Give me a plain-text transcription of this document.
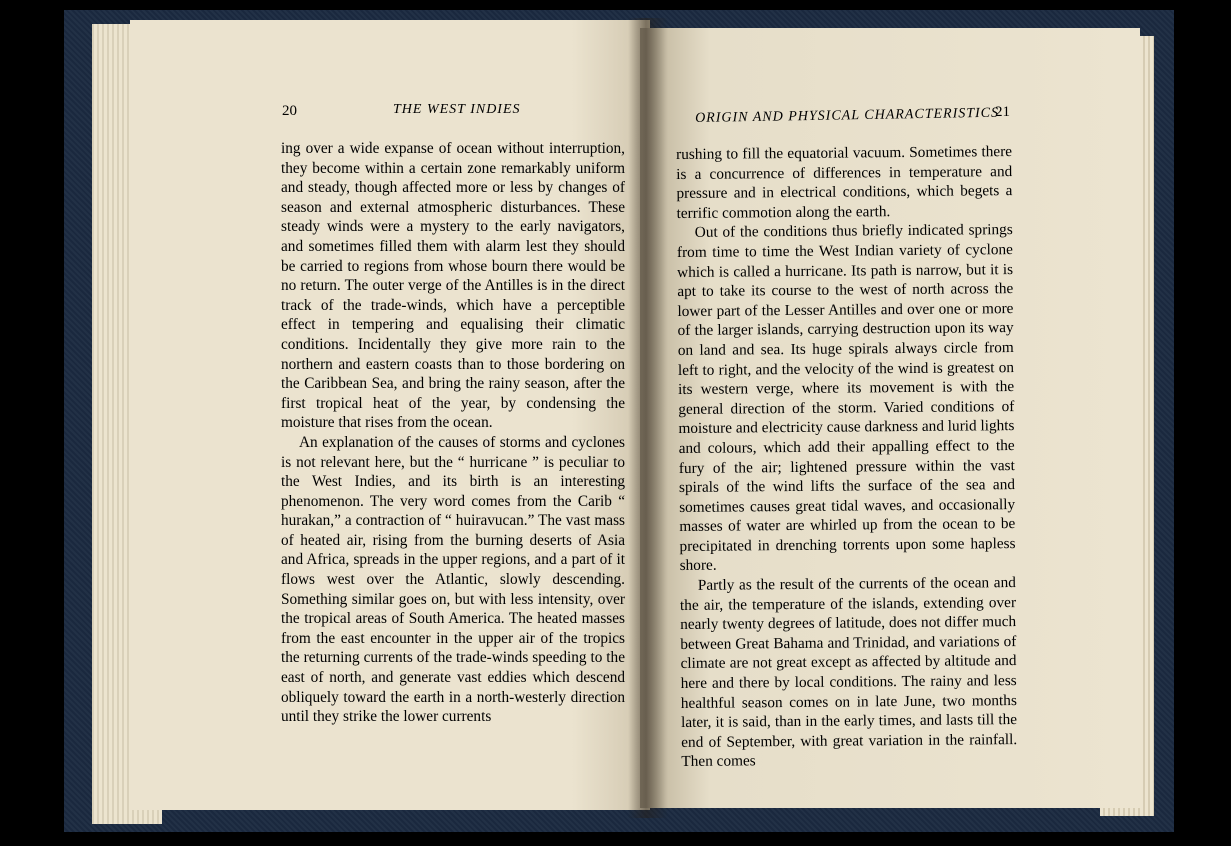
20	THE WEST INDIES

ing over a wide expanse of ocean without interruption, they become within a certain zone remarkably uniform and steady, though affected more or less by changes of season and external atmospheric disturbances. These steady winds were a mystery to the early navigators, and sometimes filled them with alarm lest they should be carried to regions from whose bourn there would be no return. The outer verge of the Antilles is in the direct track of the trade-winds, which have a perceptible effect in tempering and equalising their climatic conditions. Incidentally they give more rain to the northern and eastern coasts than to those bordering on the Caribbean Sea, and bring the rainy season, after the first tropical heat of the year, by condensing the moisture that rises from the ocean.

An explanation of the causes of storms and cyclones is not relevant here, but the “ hurricane ” is peculiar to the West Indies, and its birth is an interesting phenomenon. The very word comes from the Carib “ hurakan,” a contraction of “ huiravucan.” The vast mass of heated air, rising from the burning deserts of Asia and Africa, spreads in the upper regions, and a part of it flows west over the Atlantic, slowly descending. Something similar goes on, but with less intensity, over the tropical areas of South America. The heated masses from the east encounter in the upper air of the tropics the returning currents of the trade-winds speeding to the east of north, and generate vast eddies which descend obliquely toward the earth in a north-westerly direction until they strike the lower currents

ORIGIN AND PHYSICAL CHARACTERISTICS
21

rushing to fill the equatorial vacuum. Sometimes there is a concurrence of differences in temperature and pressure and in electrical conditions, which begets a terrific commotion along the earth.

Out of the conditions thus briefly indicated springs from time to time the West Indian variety of cyclone which is called a hurricane. Its path is narrow, but it is apt to take its course to the west of north across the lower part of the Lesser Antilles and over one or more of the larger islands, carrying destruction upon its way on land and sea. Its huge spirals always circle from left to right, and the velocity of the wind is greatest on its western verge, where its movement is with the general direction of the storm. Varied conditions of moisture and electricity cause darkness and lurid lights and colours, which add their appalling effect to the fury of the air; lightened pressure within the vast spirals of the wind lifts the surface of the sea and sometimes causes great tidal waves, and occasionally masses of water are whirled up from the ocean to be precipitated in drenching torrents upon some hapless shore.

Partly as the result of the currents of the ocean and the air, the temperature of the islands, extending over nearly twenty degrees of latitude, does not differ much between Great Bahama and Trinidad, and variations of climate are not great except as affected by altitude and here and there by local conditions. The rainy and less healthful season comes on in late June, two months later, it is said, than in the early times, and lasts till the end of September, with great variation in the rainfall. Then comes
